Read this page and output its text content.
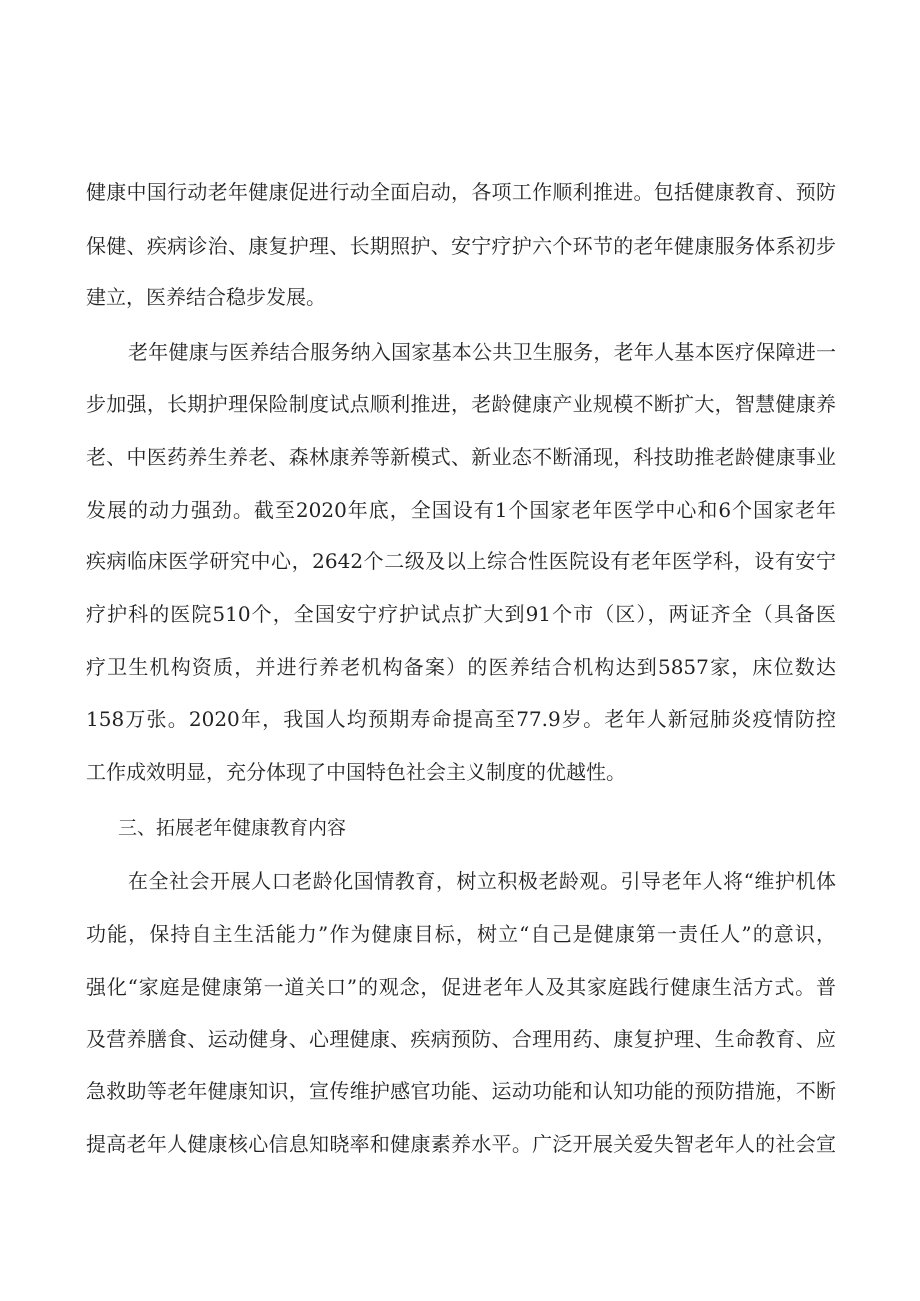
健康中国行动老年健康促进行动全面启动，各项工作顺利推进。包括健康教育、预防
保健、疾病诊治、康复护理、长期照护、安宁疗护六个环节的老年健康服务体系初步
建立，医养结合稳步发展。
老年健康与医养结合服务纳入国家基本公共卫生服务，老年人基本医疗保障进一
步加强，长期护理保险制度试点顺利推进，老龄健康产业规模不断扩大，智慧健康养
老、中医药养生养老、森林康养等新模式、新业态不断涌现，科技助推老龄健康事业
发展的动力强劲。截至2020年底，全国设有1个国家老年医学中心和6个国家老年
疾病临床医学研究中心，2642个二级及以上综合性医院设有老年医学科，设有安宁
疗护科的医院510个，全国安宁疗护试点扩大到91个市（区），两证齐全（具备医
疗卫生机构资质，并进行养老机构备案）的医养结合机构达到5857家，床位数达
158万张。2020年，我国人均预期寿命提高至77.9岁。老年人新冠肺炎疫情防控
工作成效明显，充分体现了中国特色社会主义制度的优越性。
三、拓展老年健康教育内容
在全社会开展人口老龄化国情教育，树立积极老龄观。引导老年人将“维护机体
功能，保持自主生活能力”作为健康目标，树立“自己是健康第一责任人”的意识，
强化“家庭是健康第一道关口”的观念，促进老年人及其家庭践行健康生活方式。普
及营养膳食、运动健身、心理健康、疾病预防、合理用药、康复护理、生命教育、应
急救助等老年健康知识，宣传维护感官功能、运动功能和认知功能的预防措施，不断
提高老年人健康核心信息知晓率和健康素养水平。广泛开展关爱失智老年人的社会宣
